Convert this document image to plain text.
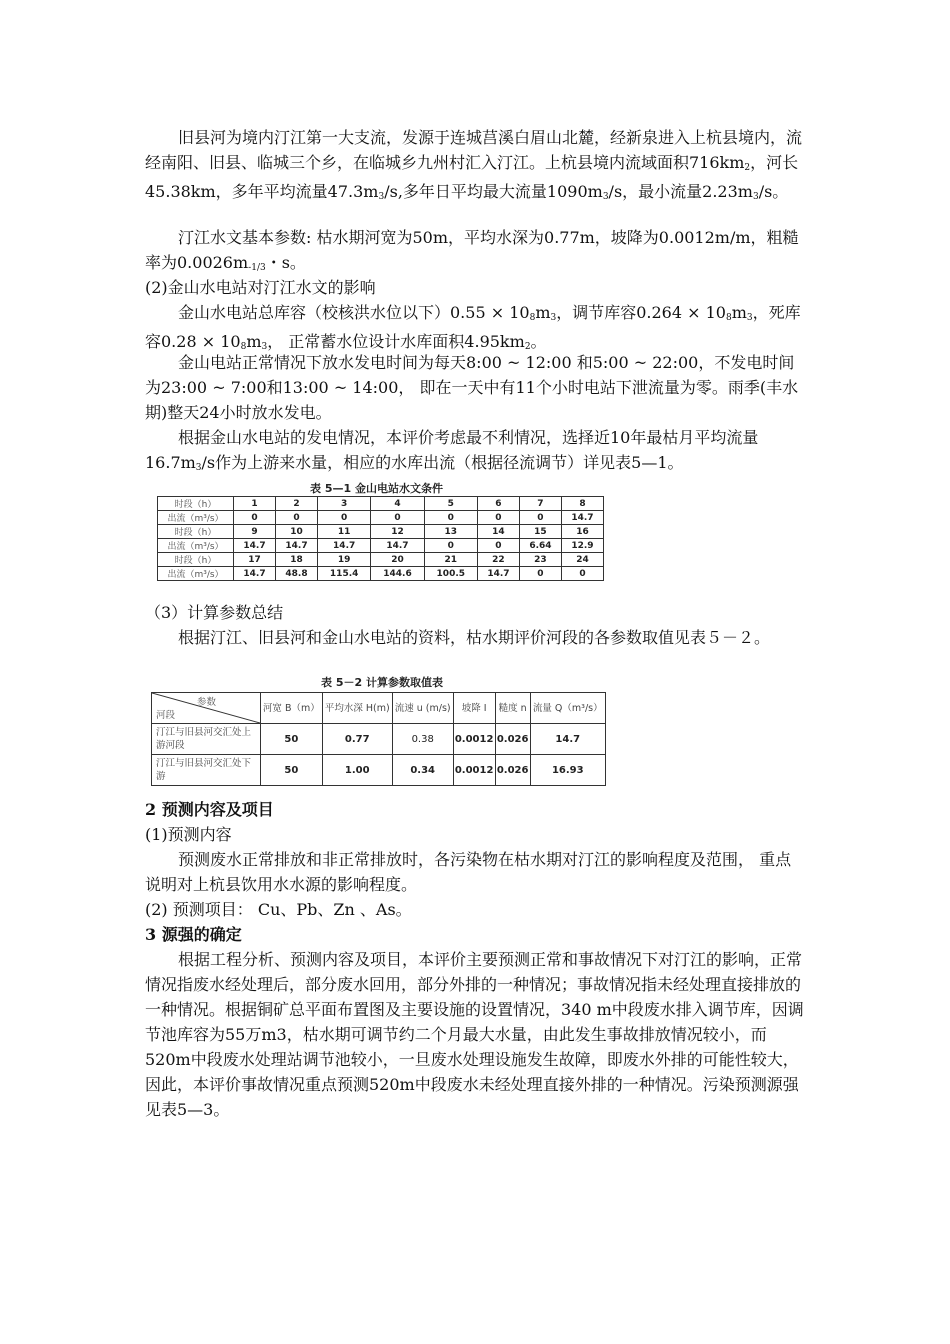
旧县河为境内汀江第一大支流，发源于连城莒溪白眉山北麓，经新泉进入上杭县境内，流经南阳、旧县、临城三个乡，在临城乡九州村汇入汀江。上杭县境内流域面积$716km_2$，河长45.38km，多年平均流量$47.3m_3/s$,多年日平均最大流量$1090m_3/s$，最小流量$2.23m_3/s$。
汀江水文基本参数: 枯水期河宽为50m，平均水深为0.77m，坡降为0.0012m/m，粗糙率为$0.0026m_{-1/3}$・s。
(2)金山水电站对汀江水文的影响
金山水电站总库容（校核洪水位以下）$0.55 \times 10_8m_3$，调节库容$0.264 \times 10_8m_3$，死库容$0.28 \times 10_8m_3$， 正常蓄水位设计水库面积$4.95km_2$。
金山电站正常情况下放水发电时间为每天8:00 ~ 12:00 和5:00 ~ 22:00，不发电时间为23:00 ~ 7:00和13:00 ~ 14:00， 即在一天中有11个小时电站下泄流量为零。雨季(丰水期)整天24小时放水发电。
根据金山水电站的发电情况，本评价考虑最不利情况，选择近10年最枯月平均流量$16.7m_3/s$作为上游来水量，相应的水库出流（根据径流调节）详见表5—1。
表 5—1 金山电站水文条件
时段（h）	1	2	3	4	5	6	7	8
出流（m³/s）	0	0	0	0	0	0	0	14.7
时段（h）	9	10	11	12	13	14	15	16
出流（m³/s）	14.7	14.7	14.7	14.7	0	0	6.64	12.9
时段（h）	17	18	19	20	21	22	23	24
出流（m³/s）	14.7	48.8	115.4	144.6	100.5	14.7	0	0
（3）计算参数总结
根据汀江、旧县河和金山水电站的资料，枯水期评价河段的各参数取值见表５－２。
表 5－2 计算参数取值表
参数
河段	河宽 B（m）	平均水深 H(m)	流速 u (m/s)	坡降 I	糙度 n	流量 Q（m³/s）
汀江与旧县河交汇处上游河段	50	0.77	0.38	0.0012	0.026	14.7
汀江与旧县河交汇处下游	50	1.00	0.34	0.0012	0.026	16.93
2 预测内容及项目
(1)预测内容
预测废水正常排放和非正常排放时，各污染物在枯水期对汀江的影响程度及范围， 重点说明对上杭县饮用水水源的影响程度。
(2) 预测项目： Cu、Pb、Zn 、As。
3 源强的确定
根据工程分析、预测内容及项目，本评价主要预测正常和事故情况下对汀江的影响，正常情况指废水经处理后，部分废水回用，部分外排的一种情况；事故情况指未经处理直接排放的一种情况。根据铜矿总平面布置图及主要设施的设置情况，340 m中段废水排入调节库，因调节池库容为55万m3，枯水期可调节约二个月最大水量，由此发生事故排放情况较小，而520m中段废水处理站调节池较小，一旦废水处理设施发生故障，即废水外排的可能性较大，因此，本评价事故情况重点预测520m中段废水未经处理直接外排的一种情况。污染预测源强见表5—3。
